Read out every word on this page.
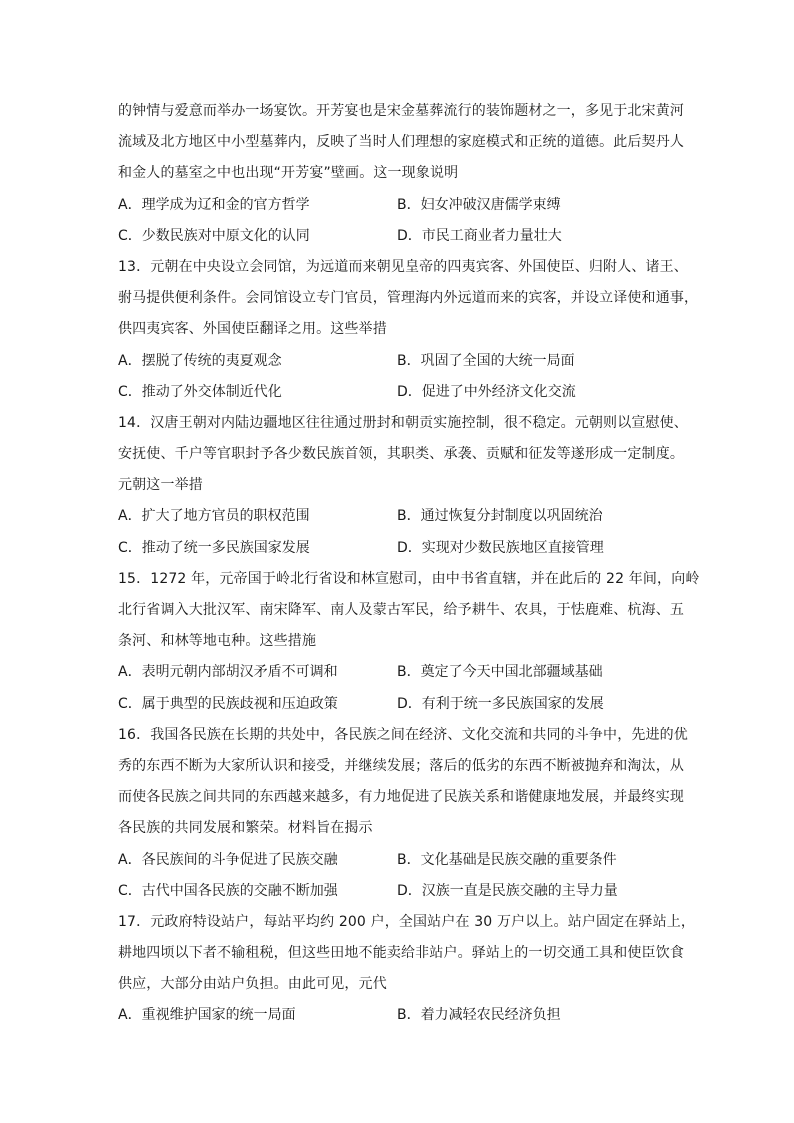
的钟情与爱意而举办一场宴饮。开芳宴也是宋金墓葬流行的装饰题材之一，多见于北宋黄河
流域及北方地区中小型墓葬内，反映了当时人们理想的家庭模式和正统的道德。此后契丹人
和金人的墓室之中也出现“开芳宴”壁画。这一现象说明
A．理学成为辽和金的官方哲学	B．妇女冲破汉唐儒学束缚
C．少数民族对中原文化的认同	D．市民工商业者力量壮大
13．元朝在中央设立会同馆，为远道而来朝见皇帝的四夷宾客、外国使臣、归附人、诸王、
驸马提供便利条件。会同馆设立专门官员，管理海内外远道而来的宾客，并设立译使和通事，
供四夷宾客、外国使臣翻译之用。这些举措
A．摆脱了传统的夷夏观念	B．巩固了全国的大统一局面
C．推动了外交体制近代化	D．促进了中外经济文化交流
14．汉唐王朝对内陆边疆地区往往通过册封和朝贡实施控制，很不稳定。元朝则以宣慰使、
安抚使、千户等官职封予各少数民族首领，其职类、承袭、贡赋和征发等遂形成一定制度。
元朝这一举措
A．扩大了地方官员的职权范围	B．通过恢复分封制度以巩固统治
C．推动了统一多民族国家发展	D．实现对少数民族地区直接管理
15．1272 年，元帝国于岭北行省设和林宣慰司，由中书省直辖，并在此后的 22 年间，向岭
北行省调入大批汉军、南宋降军、南人及蒙古军民，给予耕牛、农具，于怯鹿难、杭海、五
条河、和林等地屯种。这些措施
A．表明元朝内部胡汉矛盾不可调和	B．奠定了今天中国北部疆域基础
C．属于典型的民族歧视和压迫政策	D．有利于统一多民族国家的发展
16．我国各民族在长期的共处中，各民族之间在经济、文化交流和共同的斗争中，先进的优
秀的东西不断为大家所认识和接受，并继续发展；落后的低劣的东西不断被抛弃和淘汰，从
而使各民族之间共同的东西越来越多，有力地促进了民族关系和谐健康地发展，并最终实现
各民族的共同发展和繁荣。材料旨在揭示
A．各民族间的斗争促进了民族交融	B．文化基础是民族交融的重要条件
C．古代中国各民族的交融不断加强	D．汉族一直是民族交融的主导力量
17．元政府特设站户，每站平均约 200 户，全国站户在 30 万户以上。站户固定在驿站上，
耕地四顷以下者不输租税，但这些田地不能卖给非站户。驿站上的一切交通工具和使臣饮食
供应，大部分由站户负担。由此可见，元代
A．重视维护国家的统一局面	B．着力减轻农民经济负担
